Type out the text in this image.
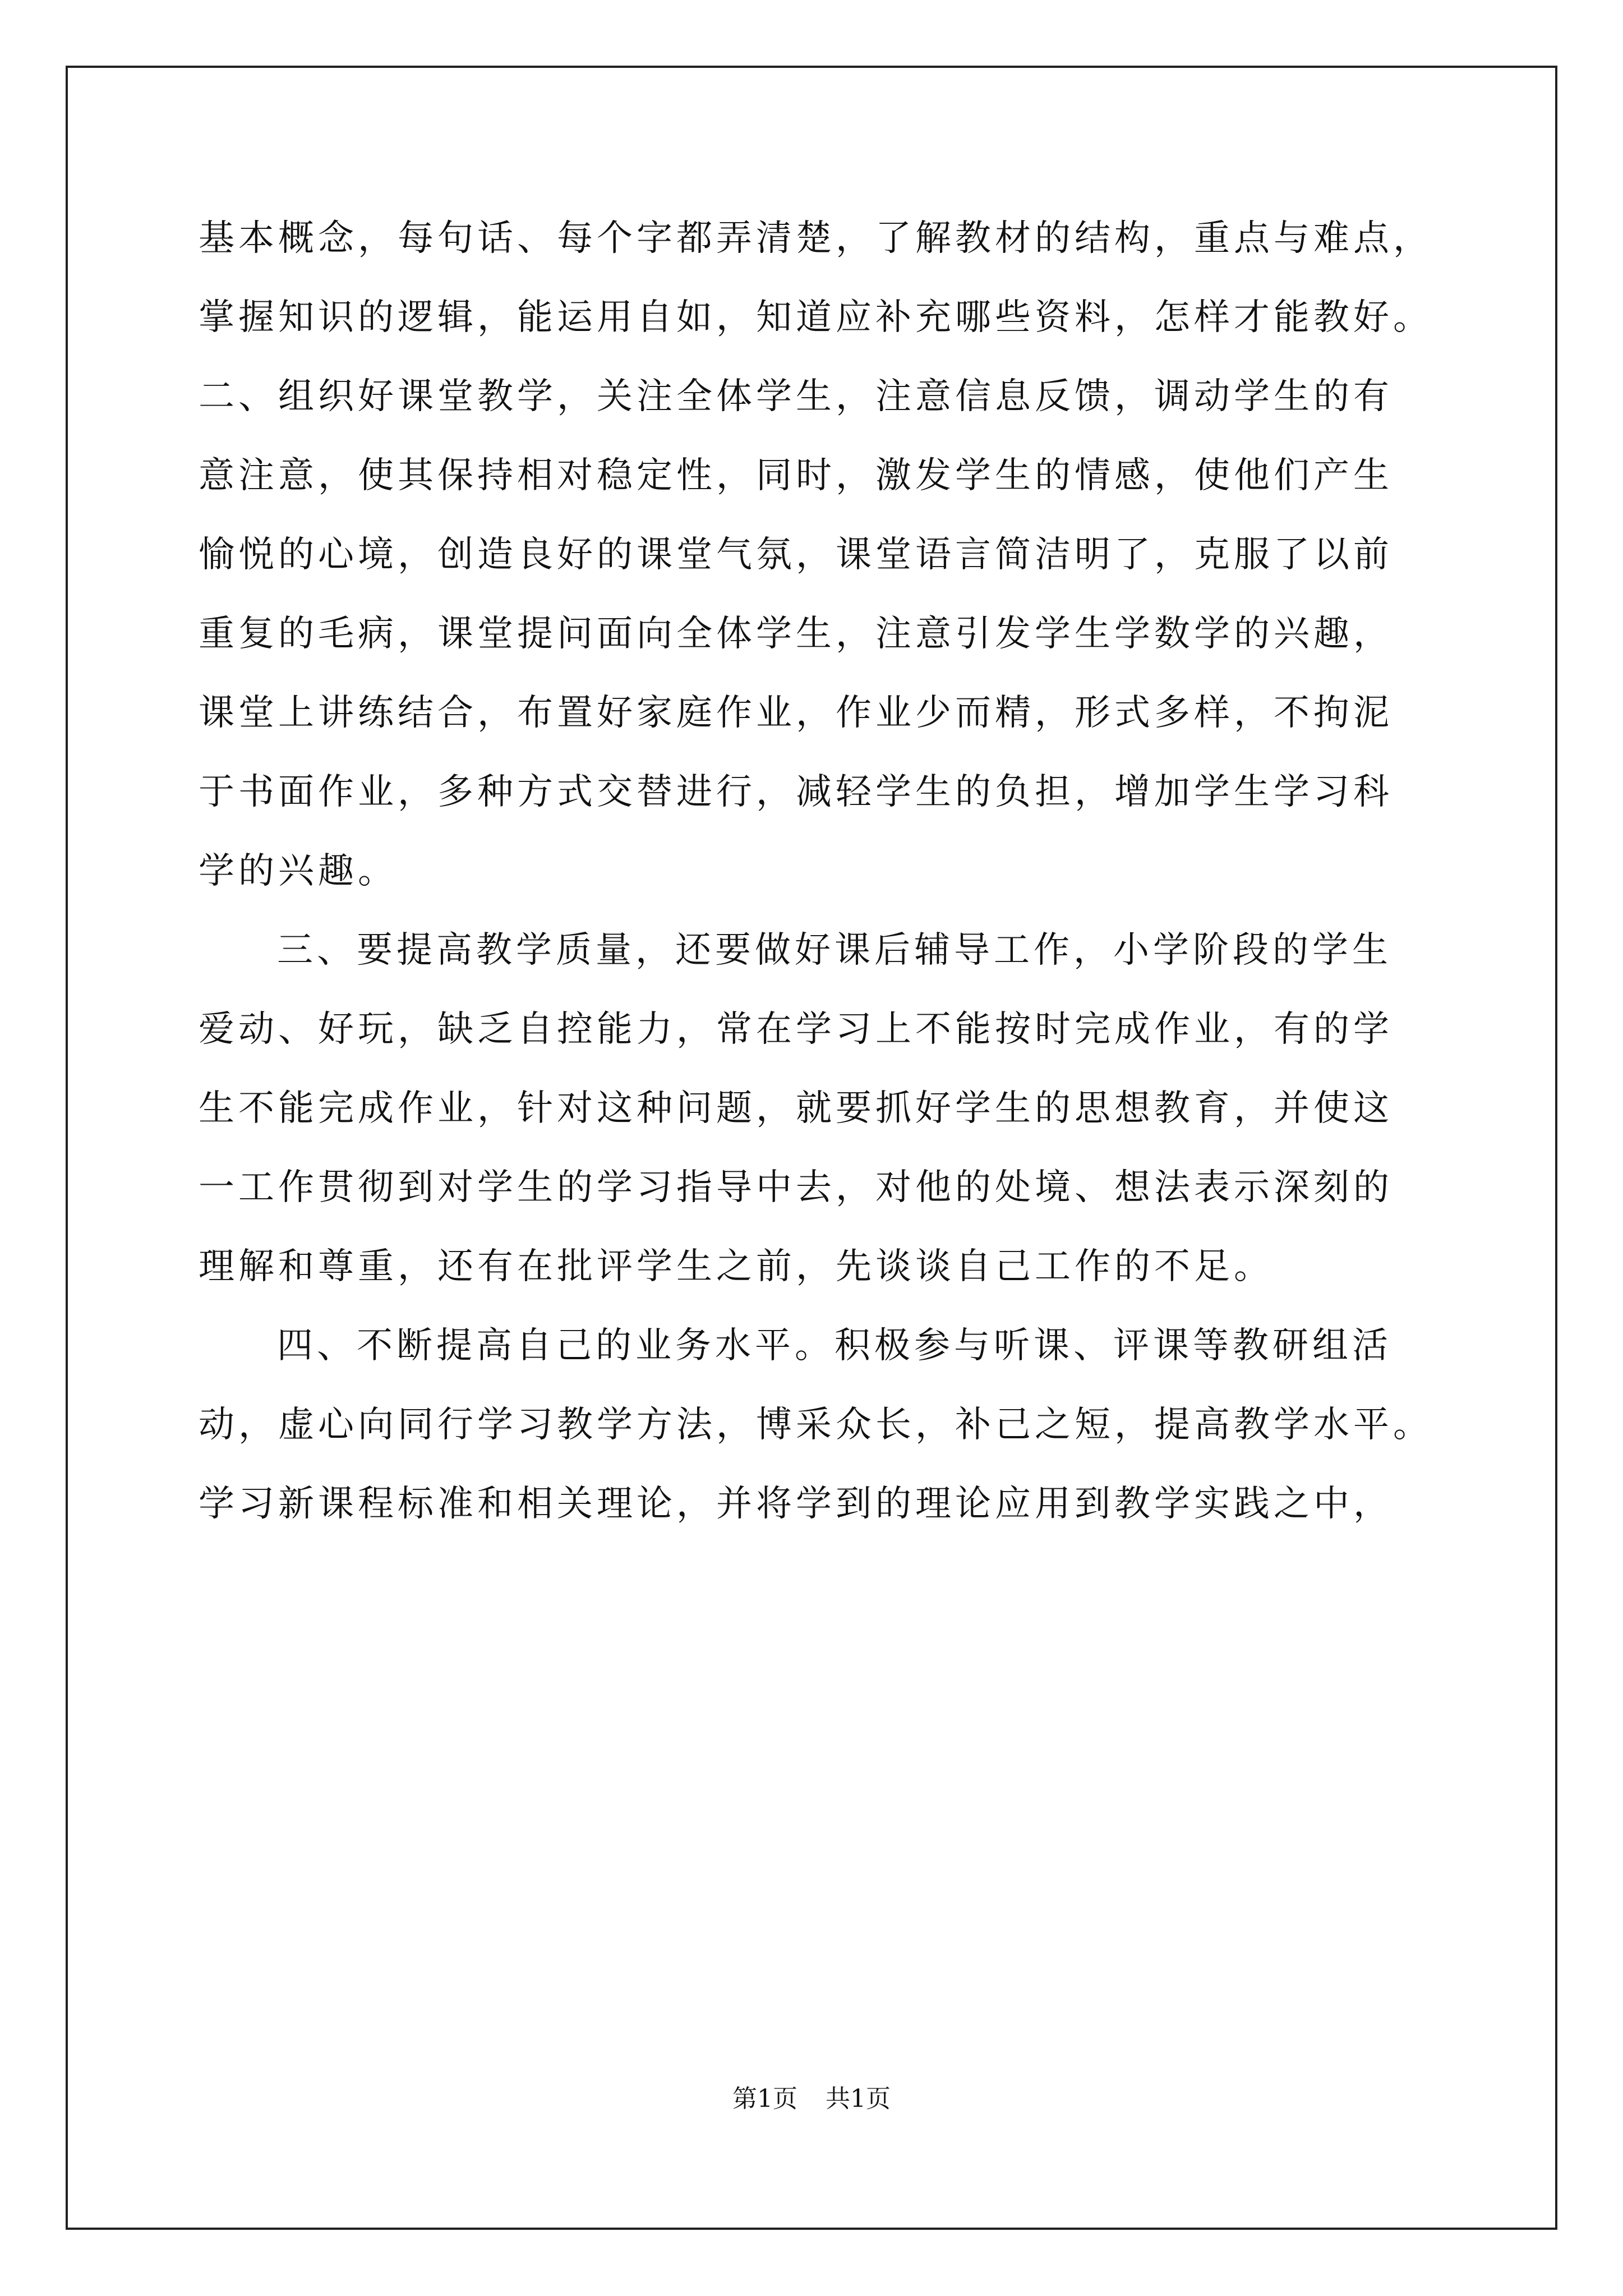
基本概念，每句话、每个字都弄清楚，了解教材的结构，重点与难点，

掌握知识的逻辑，能运用自如，知道应补充哪些资料，怎样才能教好。

二、组织好课堂教学，关注全体学生，注意信息反馈，调动学生的有

意注意，使其保持相对稳定性，同时，激发学生的情感，使他们产生

愉悦的心境，创造良好的课堂气氛，课堂语言简洁明了，克服了以前

重复的毛病，课堂提问面向全体学生，注意引发学生学数学的兴趣，

课堂上讲练结合，布置好家庭作业，作业少而精，形式多样，不拘泥

于书面作业，多种方式交替进行，减轻学生的负担，增加学生学习科

学的兴趣。

三、要提高教学质量，还要做好课后辅导工作，小学阶段的学生

爱动、好玩，缺乏自控能力，常在学习上不能按时完成作业，有的学

生不能完成作业，针对这种问题，就要抓好学生的思想教育，并使这

一工作贯彻到对学生的学习指导中去，对他的处境、想法表示深刻的

理解和尊重，还有在批评学生之前，先谈谈自己工作的不足。

四、不断提高自己的业务水平。积极参与听课、评课等教研组活

动，虚心向同行学习教学方法，博采众长，补己之短，提高教学水平。

学习新课程标准和相关理论，并将学到的理论应用到教学实践之中，

第1页 共1页
